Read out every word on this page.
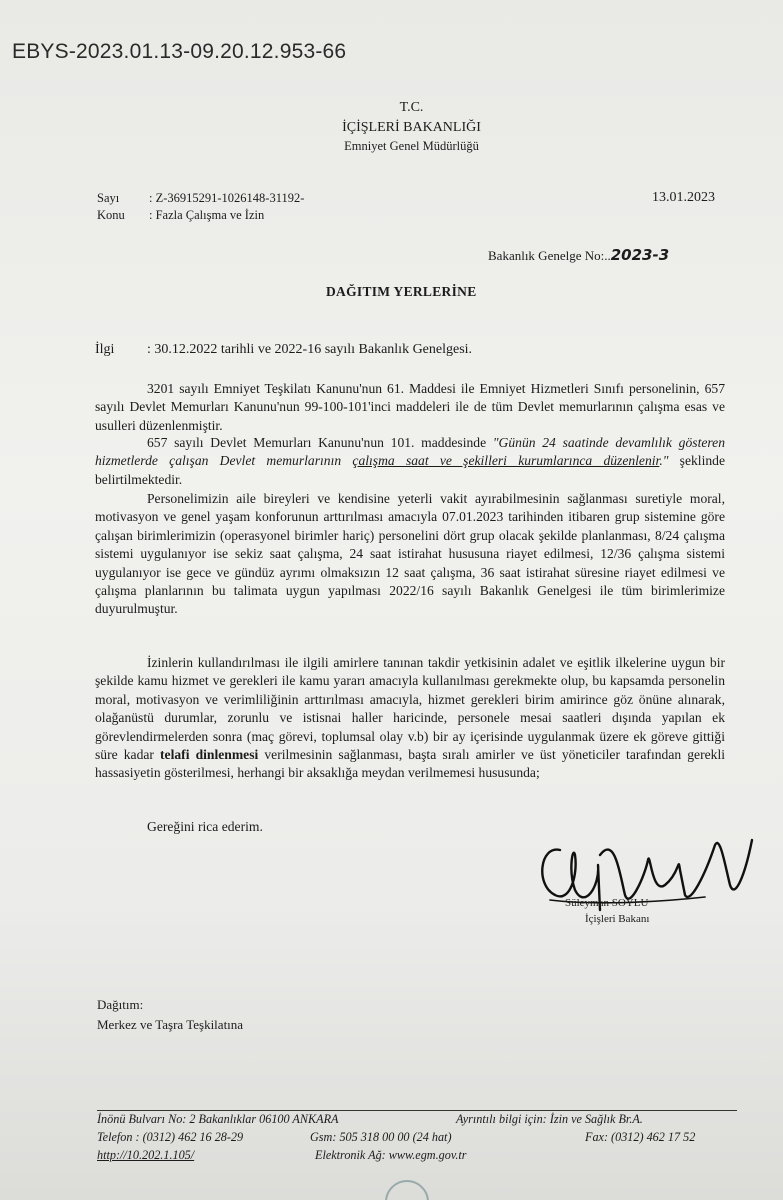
EBYS-2023.01.13-09.20.12.953-66
T.C.
İÇİŞLERİ BAKANLIĞI
Emniyet Genel Müdürlüğü
Sayı : Z-36915291-1026148-31192-
Konu : Fazla Çalışma ve İzin
13.01.2023
Bakanlık Genelge No:..2023-3
DAĞITIM YERLERİNE
İlgi : 30.12.2022 tarihli ve 2022-16 sayılı Bakanlık Genelgesi.
3201 sayılı Emniyet Teşkilatı Kanunu'nun 61. Maddesi ile Emniyet Hizmetleri Sınıfı personelinin, 657 sayılı Devlet Memurları Kanunu'nun 99-100-101'inci maddeleri ile de tüm Devlet memurlarının çalışma esas ve usulleri düzenlenmiştir.
657 sayılı Devlet Memurları Kanunu'nun 101. maddesinde "Günün 24 saatinde devamlılık gösteren hizmetlerde çalışan Devlet memurlarının çalışma saat ve şekilleri kurumlarınca düzenlenir." şeklinde belirtilmektedir.
Personelimizin aile bireyleri ve kendisine yeterli vakit ayırabilmesinin sağlanması suretiyle moral, motivasyon ve genel yaşam konforunun arttırılması amacıyla 07.01.2023 tarihinden itibaren grup sistemine göre çalışan birimlerimizin (operasyonel birimler hariç) personelini dört grup olacak şekilde planlanması, 8/24 çalışma sistemi uygulanıyor ise sekiz saat çalışma, 24 saat istirahat hususuna riayet edilmesi, 12/36 çalışma sistemi uygulanıyor ise gece ve gündüz ayrımı olmaksızın 12 saat çalışma, 36 saat istirahat süresine riayet edilmesi ve çalışma planlarının bu talimata uygun yapılması 2022/16 sayılı Bakanlık Genelgesi ile tüm birimlerimize duyurulmuştur.
İzinlerin kullandırılması ile ilgili amirlere tanınan takdir yetkisinin adalet ve eşitlik ilkelerine uygun bir şekilde kamu hizmet ve gerekleri ile kamu yararı amacıyla kullanılması gerekmekte olup, bu kapsamda personelin moral, motivasyon ve verimliliğinin arttırılması amacıyla, hizmet gerekleri birim amirince göz önüne alınarak, olağanüstü durumlar, zorunlu ve istisnai haller haricinde, personele mesai saatleri dışında yapılan ek görevlendirmelerden sonra (maç görevi, toplumsal olay v.b) bir ay içerisinde uygulanmak üzere ek göreve gittiği süre kadar telafi dinlenmesi verilmesinin sağlanması, başta sıralı amirler ve üst yöneticiler tarafından gerekli hassasiyetin gösterilmesi, herhangi bir aksaklığa meydan verilmemesi hususunda;
Gereğini rica ederim.
Süleyman SOYLU
İçişleri Bakanı
Dağıtım:
Merkez ve Taşra Teşkilatına
İnönü Bulvarı No: 2 Bakanlıklar 06100 ANKARA	Ayrıntılı bilgi için: İzin ve Sağlık Br.A.
Telefon : (0312) 462 16 28-29	Gsm: 505 318 00 00 (24 hat)	Fax: (0312) 462 17 52
http://10.202.1.105/	Elektronik Ağ: www.egm.gov.tr
